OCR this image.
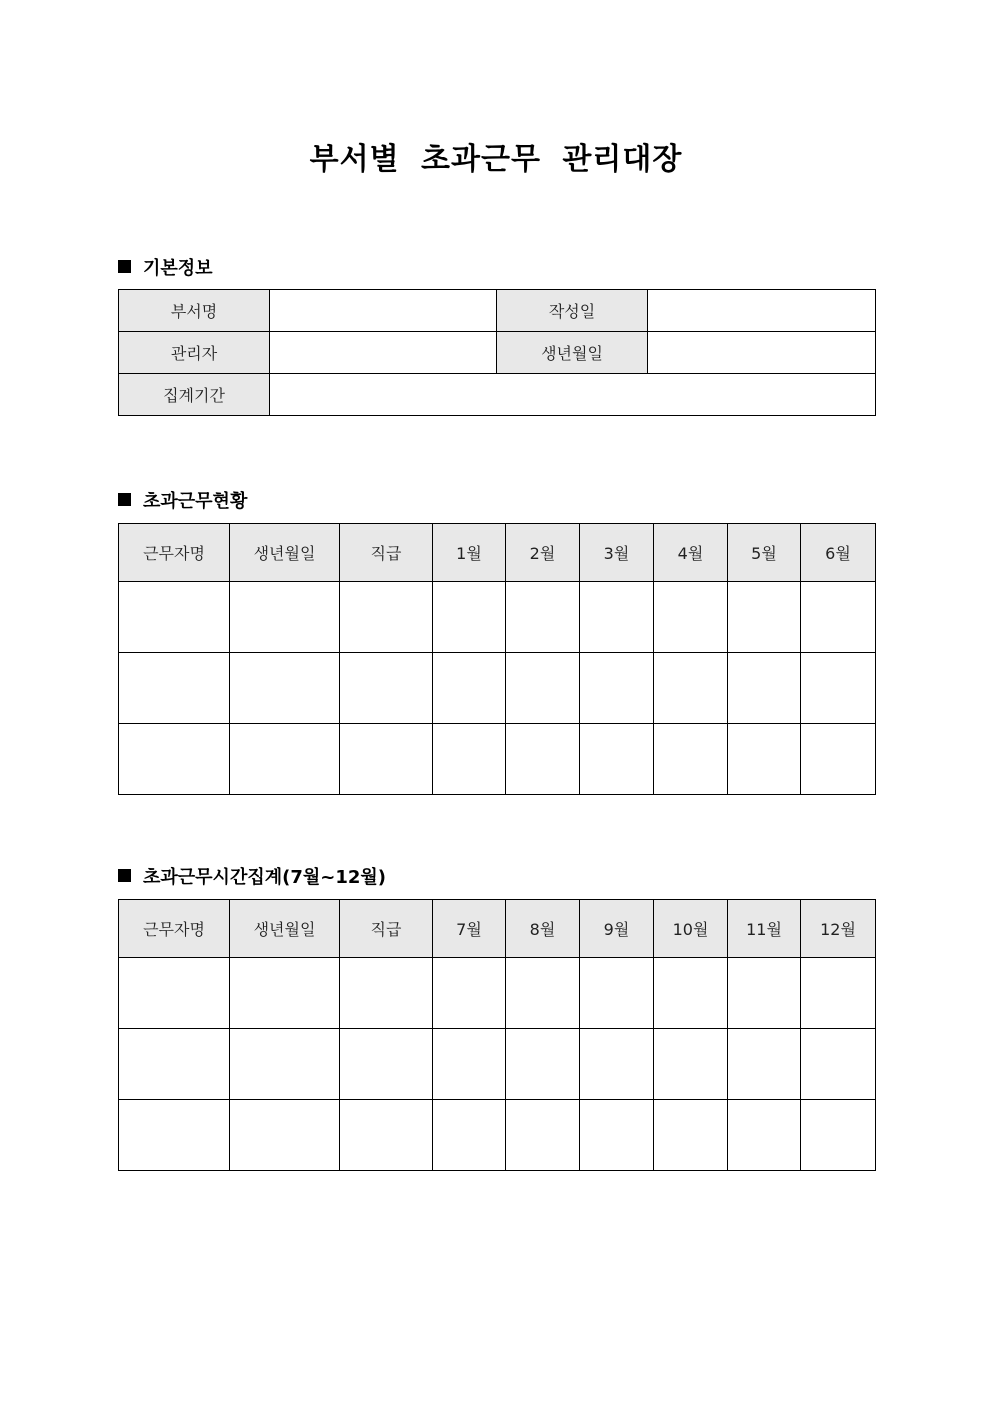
부서별 초과근무 관리대장
기본정보
부서명		작성일	
관리자		생년월일	
집계기간			
초과근무현황
근무자명	생년월일	직급	1월	2월	3월	4월	5월	6월

초과근무시간집계(7월~12월)
근무자명	생년월일	직급	7월	8월	9월	10월	11월	12월
